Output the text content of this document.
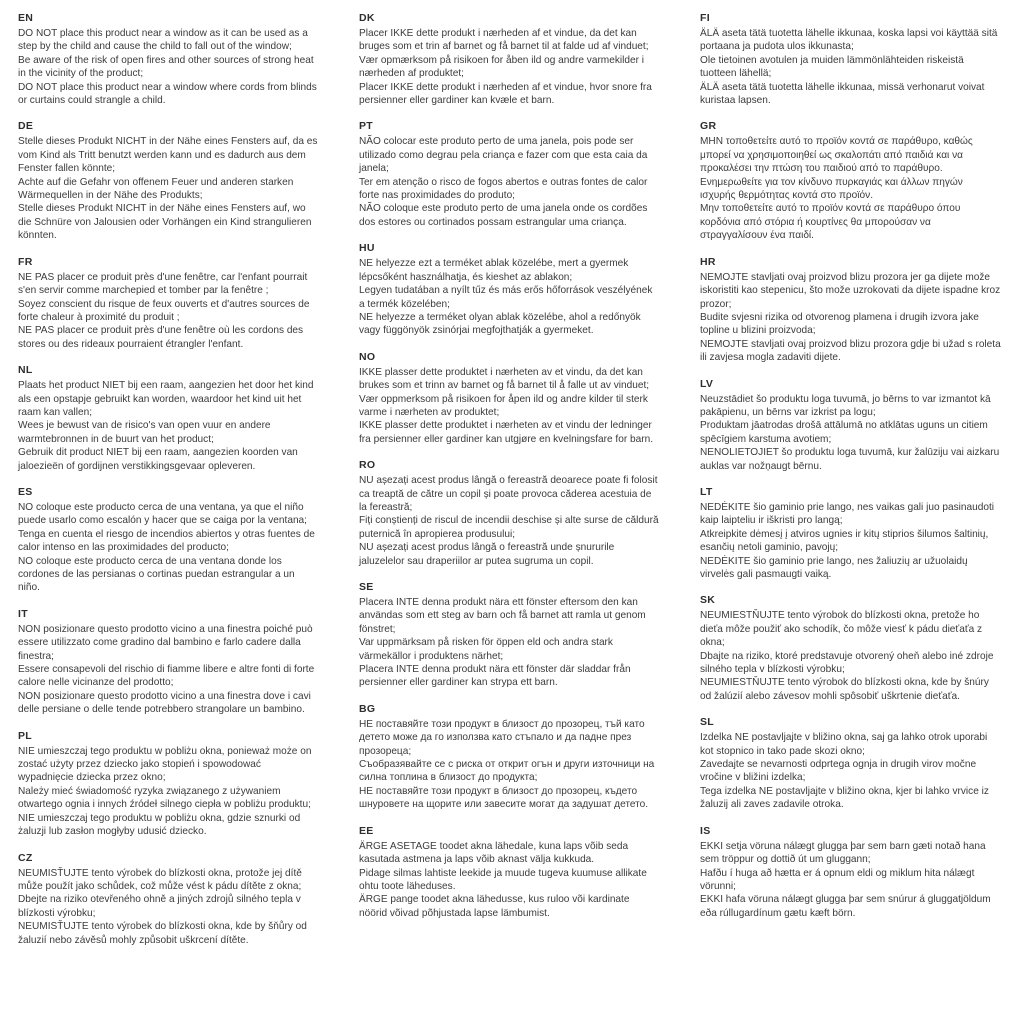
EN

DO NOT place this product near a window as it can be used as a step by the child and cause the child to fall out of the window;

Be aware of the risk of open fires and other sources of strong heat in the vicinity of the product;

DO NOT place this product near a window where cords from blinds or curtains could strangle a child.

DE

Stelle dieses Produkt NICHT in der Nähe eines Fensters auf, da es vom Kind als Tritt benutzt werden kann und es dadurch aus dem Fenster fallen könnte;

Achte auf die Gefahr von offenem Feuer und anderen starken Wärmequellen in der Nähe des Produkts;

Stelle dieses Produkt NICHT in der Nähe eines Fensters auf, wo die Schnüre von Jalousien oder Vorhängen ein Kind strangulieren könnten.

FR

NE PAS placer ce produit près d'une fenêtre, car l'enfant pourrait s'en servir comme marchepied et tomber par la fenêtre ;

Soyez conscient du risque de feux ouverts et d'autres sources de forte chaleur à proximité du produit ;

NE PAS placer ce produit près d'une fenêtre où les cordons des stores ou des rideaux pourraient étrangler l'enfant.

NL

Plaats het product NIET bij een raam, aangezien het door het kind als een opstapje gebruikt kan worden, waardoor het kind uit het raam kan vallen;

Wees je bewust van de risico's van open vuur en andere warmtebronnen in de buurt van het product;

Gebruik dit product NIET bij een raam, aangezien koorden van jaloezieën of gordijnen verstikkingsgevaar opleveren.

ES

NO coloque este producto cerca de una ventana, ya que el niño puede usarlo como escalón y hacer que se caiga por la ventana;

Tenga en cuenta el riesgo de incendios abiertos y otras fuentes de calor intenso en las proximidades del producto;

NO coloque este producto cerca de una ventana donde los cordones de las persianas o cortinas puedan estrangular a un niño.

IT

NON posizionare questo prodotto vicino a una finestra poiché può essere utilizzato come gradino dal bambino e farlo cadere dalla finestra;

Essere consapevoli del rischio di fiamme libere e altre fonti di forte calore nelle vicinanze del prodotto;

NON posizionare questo prodotto vicino a una finestra dove i cavi delle persiane o delle tende potrebbero strangolare un bambino.

PL

NIE umieszczaj tego produktu w pobliżu okna, ponieważ może on zostać użyty przez dziecko jako stopień i spowodować wypadnięcie dziecka przez okno;

Należy mieć świadomość ryzyka związanego z używaniem otwartego ognia i innych źródeł silnego ciepła w pobliżu produktu;

NIE umieszczaj tego produktu w pobliżu okna, gdzie sznurki od żaluzji lub zasłon mogłyby udusić dziecko.

CZ

NEUMISŤUJTE tento výrobek do blízkosti okna, protože jej dítě může použít jako schůdek, což může vést k pádu dítěte z okna;

Dbejte na riziko otevřeného ohně a jiných zdrojů silného tepla v blízkosti výrobku;

NEUMISŤUJTE tento výrobek do blízkosti okna, kde by šňůry od žaluzií nebo závěsů mohly způsobit uškrcení dítěte.

DK

Placer IKKE dette produkt i nærheden af et vindue, da det kan bruges som et trin af barnet og få barnet til at falde ud af vinduet;

Vær opmærksom på risikoen for åben ild og andre varmekilder i nærheden af produktet;

Placer IKKE dette produkt i nærheden af et vindue, hvor snore fra persienner eller gardiner kan kvæle et barn.

PT

NÃO colocar este produto perto de uma janela, pois pode ser utilizado como degrau pela criança e fazer com que esta caia da janela;

Ter em atenção o risco de fogos abertos e outras fontes de calor forte nas proximidades do produto;

NÃO coloque este produto perto de uma janela onde os cordões dos estores ou cortinados possam estrangular uma criança.

HU

NE helyezze ezt a terméket ablak közelébe, mert a gyermek lépcsőként használhatja, és kieshet az ablakon;

Legyen tudatában a nyílt tűz és más erős hőforrások veszélyének a termék közelében;

NE helyezze a terméket olyan ablak közelébe, ahol a redőnyök vagy függönyök zsinórjai megfojthatják a gyermeket.

NO

IKKE plasser dette produktet i nærheten av et vindu, da det kan brukes som et trinn av barnet og få barnet til å falle ut av vinduet;

Vær oppmerksom på risikoen for åpen ild og andre kilder til sterk varme i nærheten av produktet;

IKKE plasser dette produktet i nærheten av et vindu der ledninger fra persienner eller gardiner kan utgjøre en kvelningsfare for barn.

RO

NU așezați acest produs lângă o fereastră deoarece poate fi folosit ca treaptă de către un copil și poate provoca căderea acestuia de la fereastră;

Fiți conștienți de riscul de incendii deschise și alte surse de căldură puternică în apropierea produsului;

NU așezați acest produs lângă o fereastră unde șnururile jaluzelelor sau draperiilor ar putea sugruma un copil.

SE

Placera INTE denna produkt nära ett fönster eftersom den kan användas som ett steg av barn och få barnet att ramla ut genom fönstret;

Var uppmärksam på risken för öppen eld och andra stark värmekällor i produktens närhet;

Placera INTE denna produkt nära ett fönster där sladdar från persienner eller gardiner kan strypa ett barn.

BG

НЕ поставяйте този продукт в близост до прозорец, тъй като детето може да го използва като стъпало и да падне през прозореца;

Съобразявайте се с риска от открит огън и други източници на силна топлина в близост до продукта;

НЕ поставяйте този продукт в близост до прозорец, където шнуровете на щорите или завесите могат да задушат детето.

EE

ÄRGE ASETAGE toodet akna lähedale, kuna laps võib seda kasutada astmena ja laps võib aknast välja kukkuda.

Pidage silmas lahtiste leekide ja muude tugeva kuumuse allikate ohtu toote läheduses.

ÄRGE pange toodet akna lähedusse, kus ruloo või kardinate nöörid võivad põhjustada lapse lämbumist.

FI

ÄLÄ aseta tätä tuotetta lähelle ikkunaa, koska lapsi voi käyttää sitä portaana ja pudota ulos ikkunasta;

Ole tietoinen avotulen ja muiden lämmönlähteiden riskeistä tuotteen lähellä;

ÄLÄ aseta tätä tuotetta lähelle ikkunaa, missä verhonarut voivat kuristaa lapsen.

GR

ΜΗΝ τοποθετείτε αυτό το προϊόν κοντά σε παράθυρο, καθώς μπορεί να χρησιμοποιηθεί ως σκαλοπάτι από παιδιά και να προκαλέσει την πτώση του παιδιού από το παράθυρο.

Ενημερωθείτε για τον κίνδυνο πυρκαγιάς και άλλων πηγών ισχυρής θερμότητας κοντά στο προϊόν.

Μην τοποθετείτε αυτό το προϊόν κοντά σε παράθυρο όπου κορδόνια από στόρια ή κουρτίνες θα μπορούσαν να στραγγαλίσουν ένα παιδί.

HR

NEMOJTE stavljati ovaj proizvod blizu prozora jer ga dijete može iskoristiti kao stepenicu, što može uzrokovati da dijete ispadne kroz prozor;

Budite svjesni rizika od otvorenog plamena i drugih izvora jake topline u blizini proizvoda;

NEMOJTE stavljati ovaj proizvod blizu prozora gdje bi užad s roleta ili zavjesa mogla zadaviti dijete.

LV

Neuzstādiet šo produktu loga tuvumā, jo bērns to var izmantot kā pakāpienu, un bērns var izkrist pa logu;

Produktam jāatrodas drošā attālumā no atklātas uguns un citiem spēcīgiem karstuma avotiem;

NENOLIETOJIET šo produktu loga tuvumā, kur žalūziju vai aizkaru auklas var nožņaugt bērnu.

LT

NEDĖKITE šio gaminio prie lango, nes vaikas gali juo pasinaudoti kaip laipteliu ir iškristi pro langą;

Atkreipkite dėmesį į atviros ugnies ir kitų stiprios šilumos šaltinių, esančių netoli gaminio, pavojų;

NEDĖKITE šio gaminio prie lango, nes žaliuzių ar užuolaidų virvelės gali pasmaugti vaiką.

SK

NEUMIESTŇUJTE tento výrobok do blízkosti okna, pretože ho dieťa môže použiť ako schodík, čo môže viesť k pádu dieťaťa z okna;

Dbajte na riziko, ktoré predstavuje otvorený oheň alebo iné zdroje silného tepla v blízkosti výrobku;

NEUMIESTŇUJTE tento výrobok do blízkosti okna, kde by šnúry od žalúzií alebo závesov mohli spôsobiť uškrtenie dieťaťa.

SL

Izdelka NE postavljajte v bližino okna, saj ga lahko otrok uporabi kot stopnico in tako pade skozi okno;

Zavedajte se nevarnosti odprtega ognja in drugih virov močne vročine v bližini izdelka;

Tega izdelka NE postavljajte v bližino okna, kjer bi lahko vrvice iz žaluzij ali zaves zadavile otroka.

IS

EKKI setja vöruna nálægt glugga þar sem barn gæti notað hana sem tröppur og dottið út um gluggann;

Hafðu í huga að hætta er á opnum eldi og miklum hita nálægt vörunni;

EKKI hafa vöruna nálægt glugga þar sem snúrur á gluggatjöldum eða rúllugardínum gætu kæft börn.
